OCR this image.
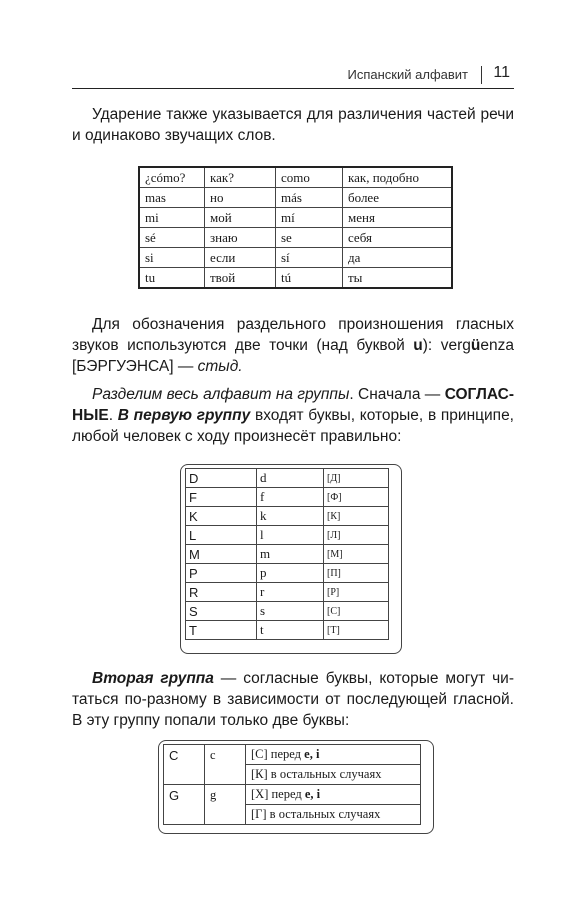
Испанский алфавит 11
Ударение также указывается для различения частей речи
и одинаково звучащих слов.
¿cómo?	как?	como	как, подобно
mas	но	más	более
mi	мой	mí	меня
sé	знаю	se	себя
si	если	sí	да
tu	твой	tú	ты
Для обозначения раздельного произношения гласных
звуков используются две точки (над буквой u): vergüenza
[БЭРГУЭНСА] — стыд.
Разделим весь алфавит на группы. Сначала — СОГЛАС-
НЫЕ. В первую группу входят буквы, которые, в принципе,
любой человек с ходу произнесёт правильно:
D	d	[Д]
F	f	[Ф]
K	k	[К]
L	l	[Л]
M	m	[М]
P	p	[П]
R	r	[Р]
S	s	[С]
T	t	[Т]
Вторая группа — согласные буквы, которые могут чи-
таться по-разному в зависимости от последующей гласной.
В эту группу попали только две буквы:
C	c	[С] перед e, i
		[К] в остальных случаях
G	g	[Х] перед e, i
		[Г] в остальных случаях
